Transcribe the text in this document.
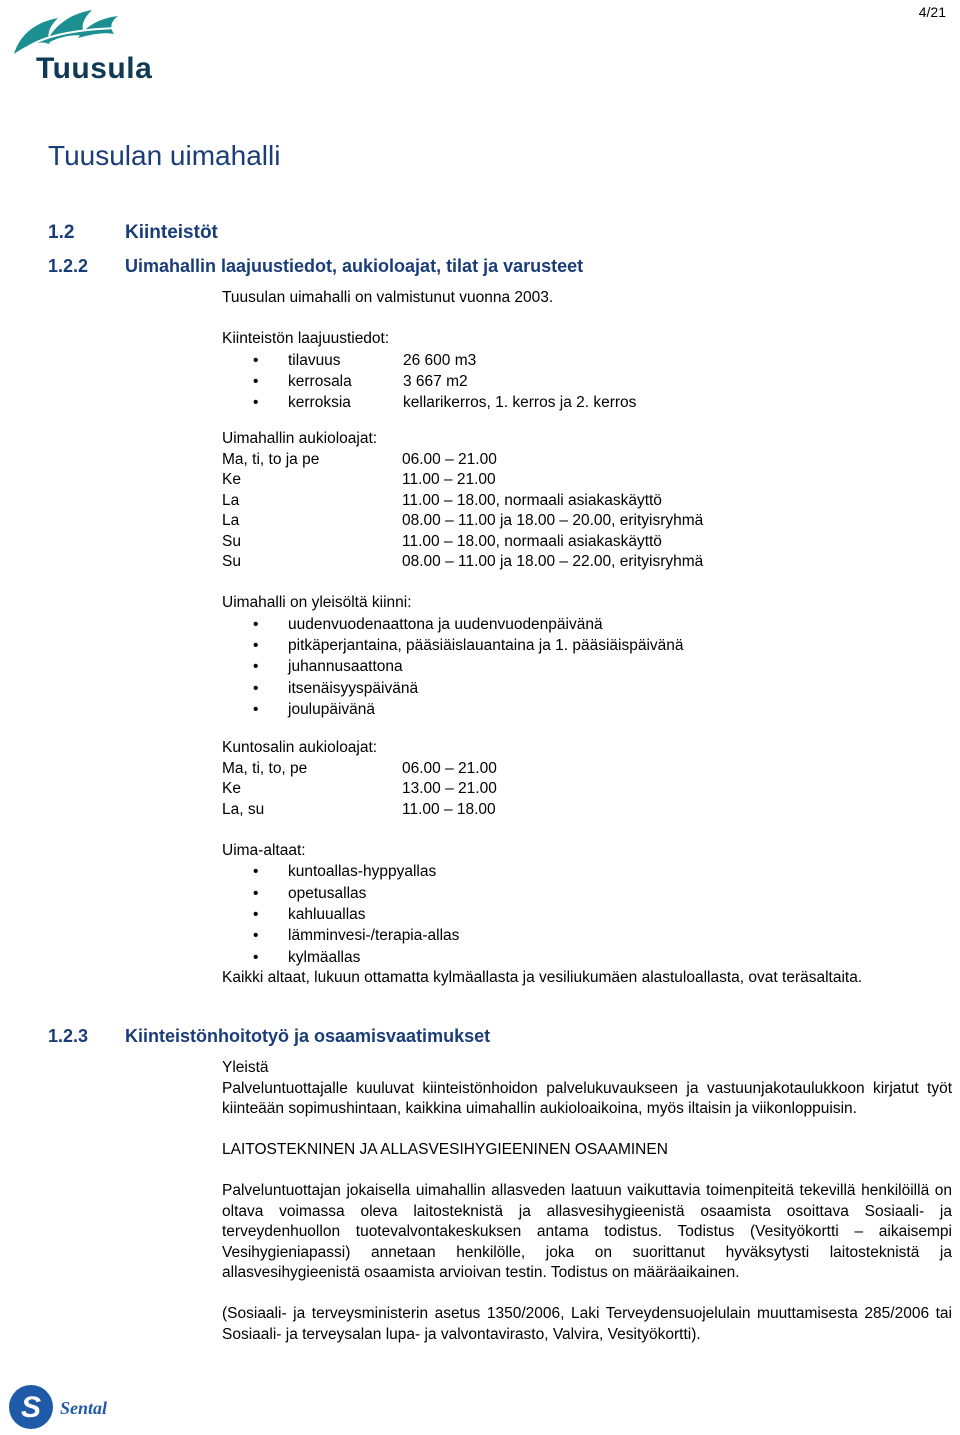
4/21
Tuusula
Tuusulan uimahalli
1.2	Kiinteistöt
1.2.2 Uimahallin laajuustiedot, aukioloajat, tilat ja varusteet

Tuusulan uimahalli on valmistunut vuonna 2003.

Kiinteistön laajuustiedot:

• tilavuus	26 600 m3
• kerrosala	3 667 m2
• kerroksia	kellarikerros, 1. kerros ja 2. kerros

Uimahallin aukioloajat:

Ma, ti, to ja pe	06.00 – 21.00
Ke	11.00 – 21.00
La	11.00 – 18.00, normaali asiakaskäyttö
La	08.00 – 11.00 ja 18.00 – 20.00, erityisryhmä
Su	11.00 – 18.00, normaali asiakaskäyttö
Su	08.00 – 11.00 ja 18.00 – 22.00, erityisryhmä

Uimahalli on yleisöltä kiinni:

• uudenvuodenaattona ja uudenvuodenpäivänä
• pitkäperjantaina, pääsiäislauantaina ja 1. pääsiäispäivänä
• juhannusaattona
• itsenäisyyspäivänä
• joulupäivänä

Kuntosalin aukioloajat:

Ma, ti, to, pe	06.00 – 21.00
Ke	13.00 – 21.00
La, su	11.00 – 18.00

Uima-altaat:

• kuntoallas-hyppyallas
• opetusallas
• kahluuallas
• lämminvesi-/terapia-allas
• kylmäallas

Kaikki altaat, lukuun ottamatta kylmäallasta ja vesiliukumäen alastuloallasta, ovat teräsaltaita.

1.2.3 Kiinteistönhoitotyö ja osaamisvaatimukset

Yleistä

Palveluntuottajalle kuuluvat kiinteistönhoidon palvelukuvaukseen ja vastuunjakotaulukkoon kirjatut työt kiinteään sopimushintaan, kaikkina uimahallin aukioloaikoina, myös iltaisin ja viikonloppuisin.

LAITOSTEKNINEN JA ALLASVESIHYGIEENINEN OSAAMINEN

Palveluntuottajan jokaisella uimahallin allasveden laatuun vaikuttavia toimenpiteitä tekevillä henkilöillä on oltava voimassa oleva laitosteknistä ja allasvesihygieenistä osaamista osoittava Sosiaali- ja terveydenhuollon tuotevalvontakeskuksen antama todistus. Todistus (Vesityökortti – aikaisempi Vesihygieniapassi) annetaan henkilölle, joka on suorittanut hyväksytysti laitosteknistä ja allasvesihygieenistä osaamista arvioivan testin. Todistus on määräaikainen.

(Sosiaali- ja terveysministerin asetus 1350/2006, Laki Terveydensuojelulain muuttamisesta 285/2006 tai Sosiaali- ja terveysalan lupa- ja valvontavirasto, Valvira, Vesityökortti).

S Sental
